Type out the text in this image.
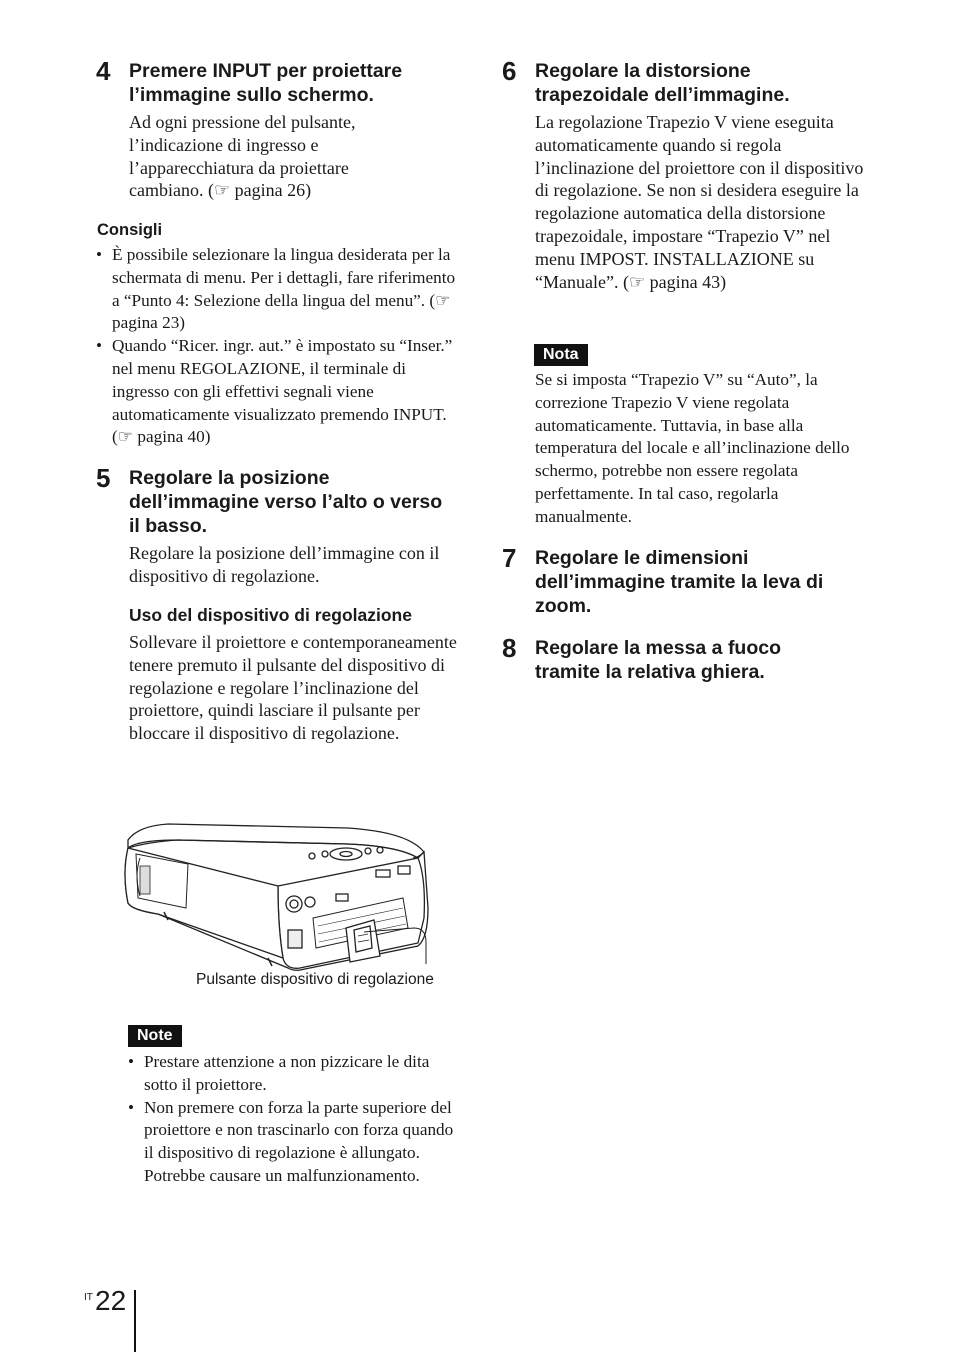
4 Premere INPUT per proiettare l’immagine sullo schermo.
Ad ogni pressione del pulsante, l’indicazione di ingresso e l’apparecchiatura da proiettare cambiano. (☞ pagina 26)
Consigli
• È possibile selezionare la lingua desiderata per la schermata di menu. Per i dettagli, fare riferimento a “Punto 4: Selezione della lingua del menu”. (☞ pagina 23)
• Quando “Ricer. ingr. aut.” è impostato su “Inser.” nel menu REGOLAZIONE, il terminale di ingresso con gli effettivi segnali viene automaticamente visualizzato premendo INPUT. (☞ pagina 40)
5 Regolare la posizione dell’immagine verso l’alto o verso il basso.
Regolare la posizione dell’immagine con il dispositivo di regolazione.
Uso del dispositivo di regolazione
Sollevare il proiettore e contemporaneamente tenere premuto il pulsante del dispositivo di regolazione e regolare l’inclinazione del proiettore, quindi lasciare il pulsante per bloccare il dispositivo di regolazione.
Pulsante dispositivo di regolazione
Note
• Prestare attenzione a non pizzicare le dita sotto il proiettore.
• Non premere con forza la parte superiore del proiettore e non trascinarlo con forza quando il dispositivo di regolazione è allungato. Potrebbe causare un malfunzionamento.
6 Regolare la distorsione trapezoidale dell’immagine.
La regolazione Trapezio V viene eseguita automaticamente quando si regola l’inclinazione del proiettore con il dispositivo di regolazione. Se non si desidera eseguire la regolazione automatica della distorsione trapezoidale, impostare “Trapezio V” nel menu IMPOST. INSTALLAZIONE su “Manuale”. (☞ pagina 43)
Nota
Se si imposta “Trapezio V” su “Auto”, la correzione Trapezio V viene regolata automaticamente. Tuttavia, in base alla temperatura del locale e all’inclinazione dello schermo, potrebbe non essere regolata perfettamente. In tal caso, regolarla manualmente.
7 Regolare le dimensioni dell’immagine tramite la leva di zoom.
8 Regolare la messa a fuoco tramite la relativa ghiera.
IT 22
